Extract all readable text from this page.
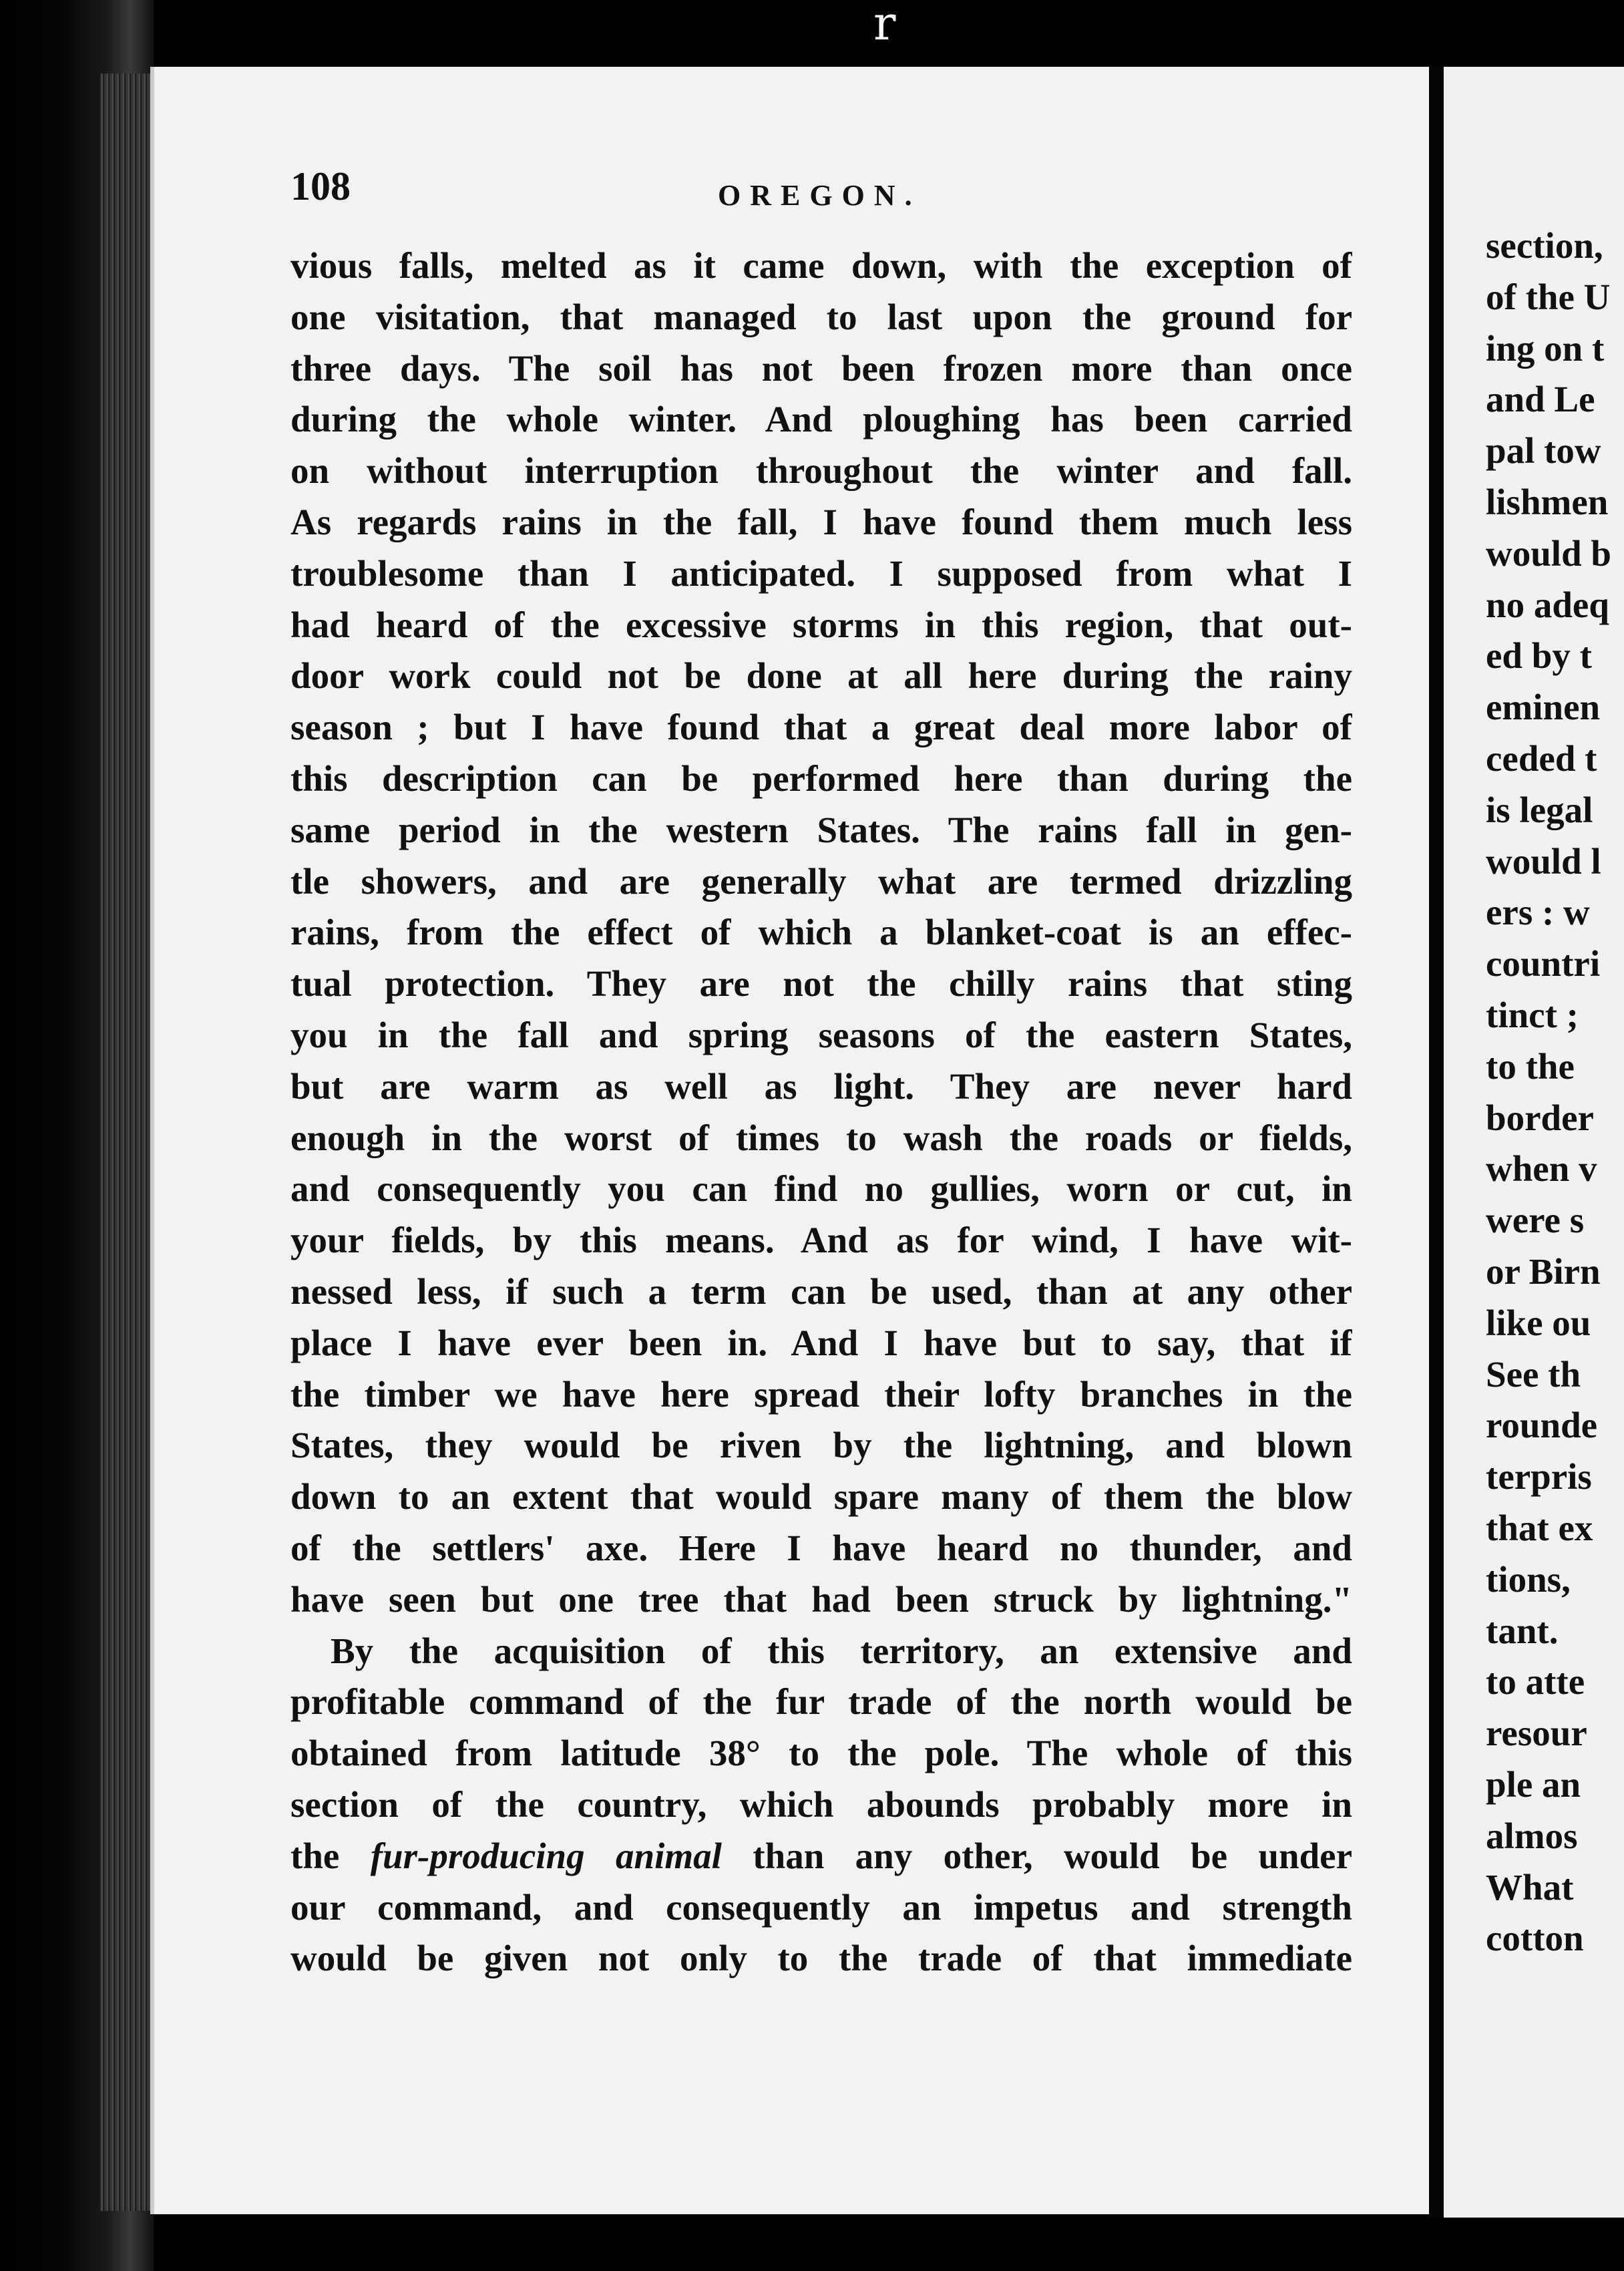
r
108	OREGON.
vious falls, melted as it came down, with the exception of
one visitation, that managed to last upon the ground for
three days. The soil has not been frozen more than once
during the whole winter. And ploughing has been carried
on without interruption throughout the winter and fall.
As regards rains in the fall, I have found them much less
troublesome than I anticipated. I supposed from what I
had heard of the excessive storms in this region, that out-
door work could not be done at all here during the rainy
season ; but I have found that a great deal more labor of
this description can be performed here than during the
same period in the western States. The rains fall in gen-
tle showers, and are generally what are termed drizzling
rains, from the effect of which a blanket-coat is an effec-
tual protection. They are not the chilly rains that sting
you in the fall and spring seasons of the eastern States,
but are warm as well as light. They are never hard
enough in the worst of times to wash the roads or fields,
and consequently you can find no gullies, worn or cut, in
your fields, by this means. And as for wind, I have wit-
nessed less, if such a term can be used, than at any other
place I have ever been in. And I have but to say, that if
the timber we have here spread their lofty branches in the
States, they would be riven by the lightning, and blown
down to an extent that would spare many of them the blow
of the settlers' axe. Here I have heard no thunder, and
have seen but one tree that had been struck by lightning."
By the acquisition of this territory, an extensive and
profitable command of the fur trade of the north would be
obtained from latitude 38° to the pole. The whole of this
section of the country, which abounds probably more in
the fur-producing animal than any other, would be under
our command, and consequently an impetus and strength
would be given not only to the trade of that immediate
section,
of the U
ing on t
and Le
pal tow
lishmen
would b
no adeq
ed by t
eminen
ceded t
is legal
would l
ers : w
countri
tinct ;
to the
border
when v
were s
or Birn
like ou
See th
rounde
terpris
that ex
tions,
tant.
to atte
resour
ple an
almos
What
cotton
